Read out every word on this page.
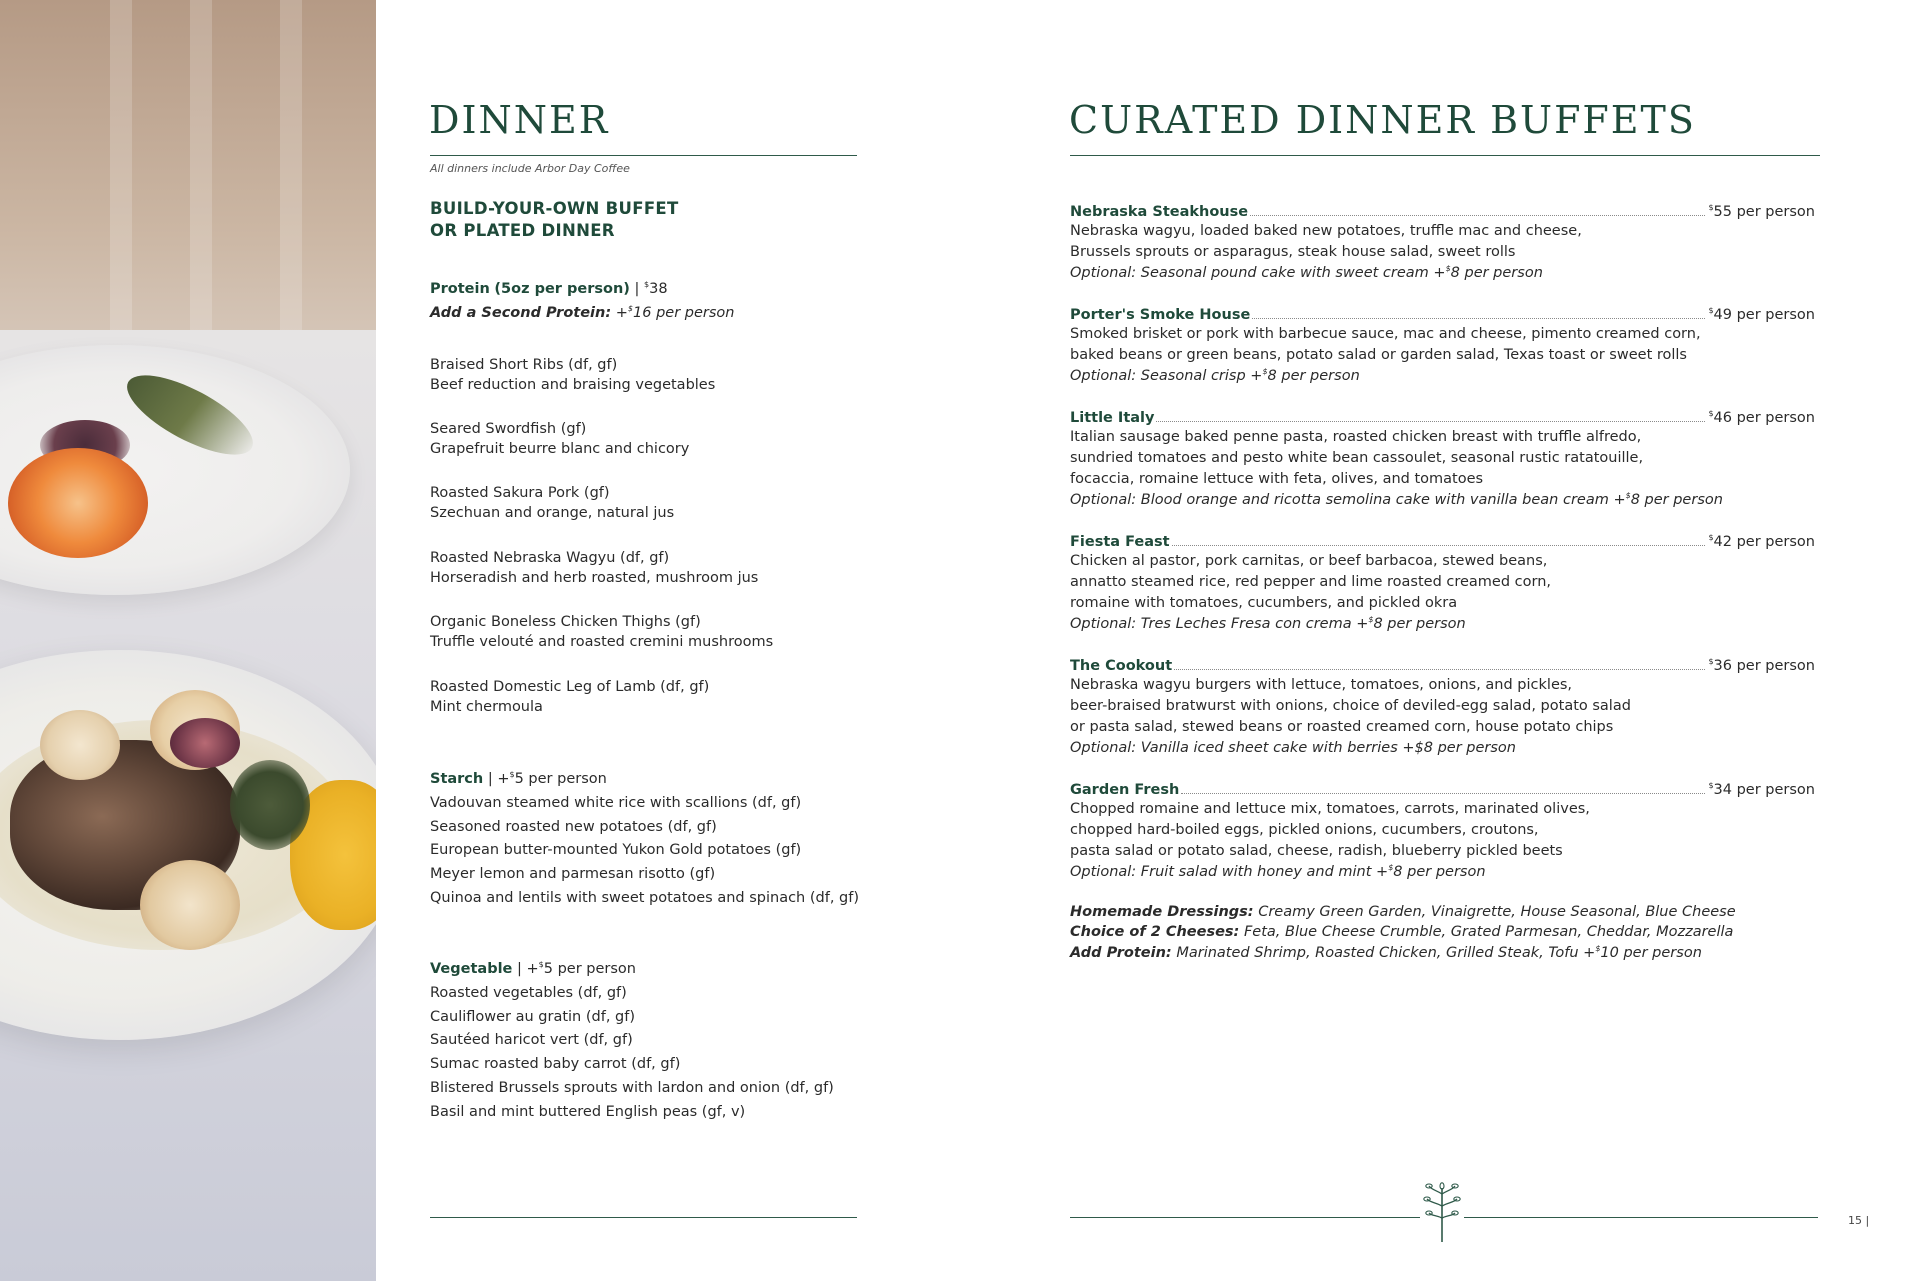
DINNER
All dinners include Arbor Day Coffee
BUILD-YOUR-OWN BUFFET
OR PLATED DINNER
Protein (5oz per person) | $38
Add a Second Protein: +$16 per person
Braised Short Ribs (df, gf)
Beef reduction and braising vegetables
Seared Swordfish (gf)
Grapefruit beurre blanc and chicory
Roasted Sakura Pork (gf)
Szechuan and orange, natural jus
Roasted Nebraska Wagyu (df, gf)
Horseradish and herb roasted, mushroom jus
Organic Boneless Chicken Thighs (gf)
Truffle velouté and roasted cremini mushrooms
Roasted Domestic Leg of Lamb (df, gf)
Mint chermoula
Starch | +$5 per person
Vadouvan steamed white rice with scallions (df, gf)
Seasoned roasted new potatoes (df, gf)
European butter-mounted Yukon Gold potatoes (gf)
Meyer lemon and parmesan risotto (gf)
Quinoa and lentils with sweet potatoes and spinach (df, gf)
Vegetable | +$5 per person
Roasted vegetables (df, gf)
Cauliflower au gratin (df, gf)
Sautéed haricot vert (df, gf)
Sumac roasted baby carrot (df, gf)
Blistered Brussels sprouts with lardon and onion (df, gf)
Basil and mint buttered English peas (gf, v)
CURATED DINNER BUFFETS
Nebraska Steakhouse	$55 per person
Nebraska wagyu, loaded baked new potatoes, truffle mac and cheese,
Brussels sprouts or asparagus, steak house salad, sweet rolls
Optional: Seasonal pound cake with sweet cream +$8 per person
Porter's Smoke House	$49 per person
Smoked brisket or pork with barbecue sauce, mac and cheese, pimento creamed corn,
baked beans or green beans, potato salad or garden salad, Texas toast or sweet rolls
Optional: Seasonal crisp +$8 per person
Little Italy	$46 per person
Italian sausage baked penne pasta, roasted chicken breast with truffle alfredo,
sundried tomatoes and pesto white bean cassoulet, seasonal rustic ratatouille,
focaccia, romaine lettuce with feta, olives, and tomatoes
Optional: Blood orange and ricotta semolina cake with vanilla bean cream +$8 per person
Fiesta Feast	$42 per person
Chicken al pastor, pork carnitas, or beef barbacoa, stewed beans,
annatto steamed rice, red pepper and lime roasted creamed corn,
romaine with tomatoes, cucumbers, and pickled okra
Optional: Tres Leches Fresa con crema +$8 per person
The Cookout	$36 per person
Nebraska wagyu burgers with lettuce, tomatoes, onions, and pickles,
beer-braised bratwurst with onions, choice of deviled-egg salad, potato salad
or pasta salad, stewed beans or roasted creamed corn, house potato chips
Optional: Vanilla iced sheet cake with berries +$8 per person
Garden Fresh	$34 per person
Chopped romaine and lettuce mix, tomatoes, carrots, marinated olives,
chopped hard-boiled eggs, pickled onions, cucumbers, croutons,
pasta salad or potato salad, cheese, radish, blueberry pickled beets
Optional: Fruit salad with honey and mint +$8 per person
Homemade Dressings: Creamy Green Garden, Vinaigrette, House Seasonal, Blue Cheese
Choice of 2 Cheeses: Feta, Blue Cheese Crumble, Grated Parmesan, Cheddar, Mozzarella
Add Protein: Marinated Shrimp, Roasted Chicken, Grilled Steak, Tofu +$10 per person
15 |
